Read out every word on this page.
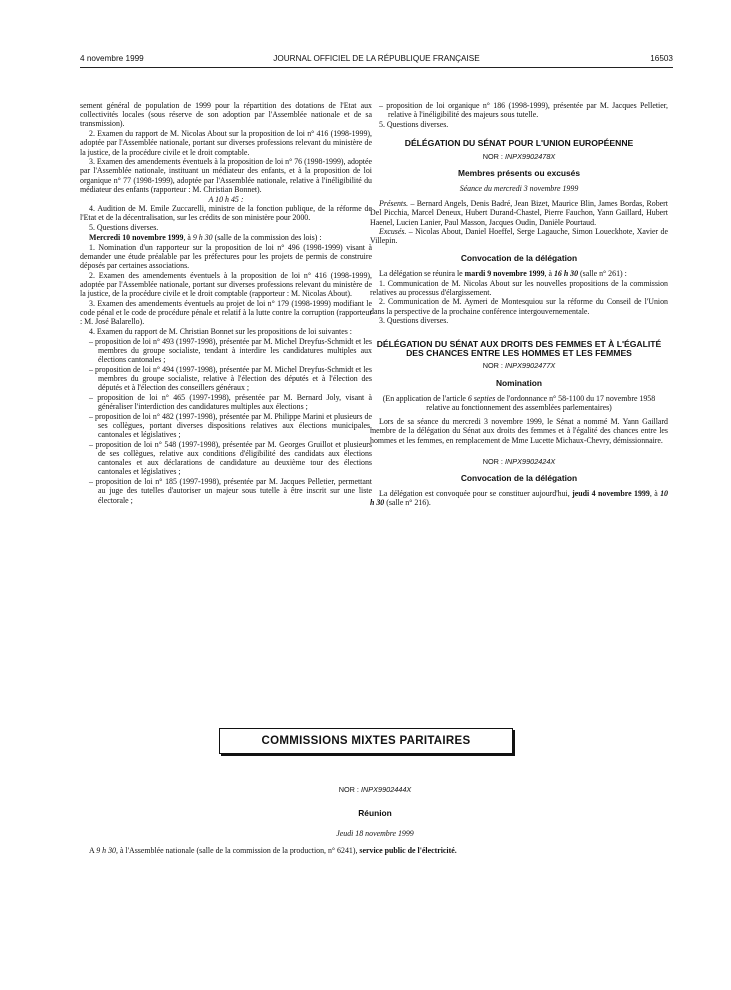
4 novembre 1999	JOURNAL OFFICIEL DE LA RÉPUBLIQUE FRANÇAISE	16503

sement général de population de 1999 pour la répartition des dotations de l'Etat aux collectivités locales (sous réserve de son adoption par l'Assemblée nationale et de sa transmission).

2. Examen du rapport de M. Nicolas About sur la proposition de loi n° 416 (1998-1999), adoptée par l'Assemblée nationale, portant sur diverses professions relevant du ministère de la justice, de la procédure civile et le droit comptable.

3. Examen des amendements éventuels à la proposition de loi n° 76 (1998-1999), adoptée par l'Assemblée nationale, instituant un médiateur des enfants, et à la proposition de loi organique n° 77 (1998-1999), adoptée par l'Assemblée nationale, relative à l'inéligibilité du médiateur des enfants (rapporteur : M. Christian Bonnet).

A 10 h 45 :

4. Audition de M. Emile Zuccarelli, ministre de la fonction publique, de la réforme de l'Etat et de la décentralisation, sur les crédits de son ministère pour 2000.

5. Questions diverses.

Mercredi 10 novembre 1999, à 9 h 30 (salle de la commission des lois) :

1. Nomination d'un rapporteur sur la proposition de loi n° 496 (1998-1999) visant à demander une étude préalable par les préfectures pour les projets de permis de construire déposés par certaines associations.

2. Examen des amendements éventuels à la proposition de loi n° 416 (1998-1999), adoptée par l'Assemblée nationale, portant sur diverses professions relevant du ministère de la justice, de la procédure civile et le droit comptable (rapporteur : M. Nicolas About).

3. Examen des amendements éventuels au projet de loi n° 179 (1998-1999) modifiant le code pénal et le code de procédure pénale et relatif à la lutte contre la corruption (rapporteur : M. José Balarello).

4. Examen du rapport de M. Christian Bonnet sur les propositions de loi suivantes :

– proposition de loi n° 493 (1997-1998), présentée par M. Michel Dreyfus-Schmidt et les membres du groupe socialiste, tendant à interdire les candidatures multiples aux élections cantonales ;
– proposition de loi n° 494 (1997-1998), présentée par M. Michel Dreyfus-Schmidt et les membres du groupe socialiste, relative à l'élection des députés et à l'élection des députés et à l'élection des conseillers généraux ;
– proposition de loi n° 465 (1997-1998), présentée par M. Bernard Joly, visant à généraliser l'interdiction des candidatures multiples aux élections ;
– proposition de loi n° 482 (1997-1998), présentée par M. Philippe Marini et plusieurs de ses collègues, portant diverses dispositions relatives aux élections municipales, cantonales et législatives ;
– proposition de loi n° 548 (1997-1998), présentée par M. Georges Gruillot et plusieurs de ses collègues, relative aux conditions d'éligibilité des candidats aux élections cantonales et aux déclarations de candidature au deuxième tour des élections cantonales et législatives ;
– proposition de loi n° 185 (1997-1998), présentée par M. Jacques Pelletier, permettant au juge des tutelles d'autoriser un majeur sous tutelle à être inscrit sur une liste électorale ;
– proposition de loi organique n° 186 (1998-1999), présentée par M. Jacques Pelletier, relative à l'inéligibilité des majeurs sous tutelle.

5. Questions diverses.

DÉLÉGATION DU SÉNAT POUR L'UNION EUROPÉENNE
NOR : INPX9902478X
Membres présents ou excusés
Séance du mercredi 3 novembre 1999

Présents. – Bernard Angels, Denis Badré, Jean Bizet, Maurice Blin, James Bordas, Robert Del Picchia, Marcel Deneux, Hubert Durand-Chastel, Pierre Fauchon, Yann Gaillard, Hubert Haenel, Lucien Lanier, Paul Masson, Jacques Oudin, Danièle Pourtaud.

Excusés. – Nicolas About, Daniel Hoeffel, Serge Lagauche, Simon Loueckhote, Xavier de Villepin.

Convocation de la délégation

La délégation se réunira le mardi 9 novembre 1999, à 16 h 30 (salle n° 261) :

1. Communication de M. Nicolas About sur les nouvelles propositions de la commission relatives au processus d'élargissement.

2. Communication de M. Aymeri de Montesquiou sur la réforme du Conseil de l'Union dans la perspective de la prochaine conférence intergouvernementale.

3. Questions diverses.

DÉLÉGATION DU SÉNAT AUX DROITS DES FEMMES ET À L'ÉGALITÉ DES CHANCES ENTRE LES HOMMES ET LES FEMMES
NOR : INPX9902477X
Nomination

(En application de l'article 6 septies de l'ordonnance n° 58-1100 du 17 novembre 1958 relative au fonctionnement des assemblées parlementaires)

Lors de sa séance du mercredi 3 novembre 1999, le Sénat a nommé M. Yann Gaillard membre de la délégation du Sénat aux droits des femmes et à l'égalité des chances entre les hommes et les femmes, en remplacement de Mme Lucette Michaux-Chevry, démissionnaire.

NOR : INPX9902424X
Convocation de la délégation

La délégation est convoquée pour se constituer aujourd'hui, jeudi 4 novembre 1999, à 10 h 30 (salle n° 216).

COMMISSIONS MIXTES PARITAIRES
NOR : INPX9902444X
Réunion
Jeudi 18 novembre 1999
A 9 h 30, à l'Assemblée nationale (salle de la commission de la production, n° 6241), service public de l'électricité.
